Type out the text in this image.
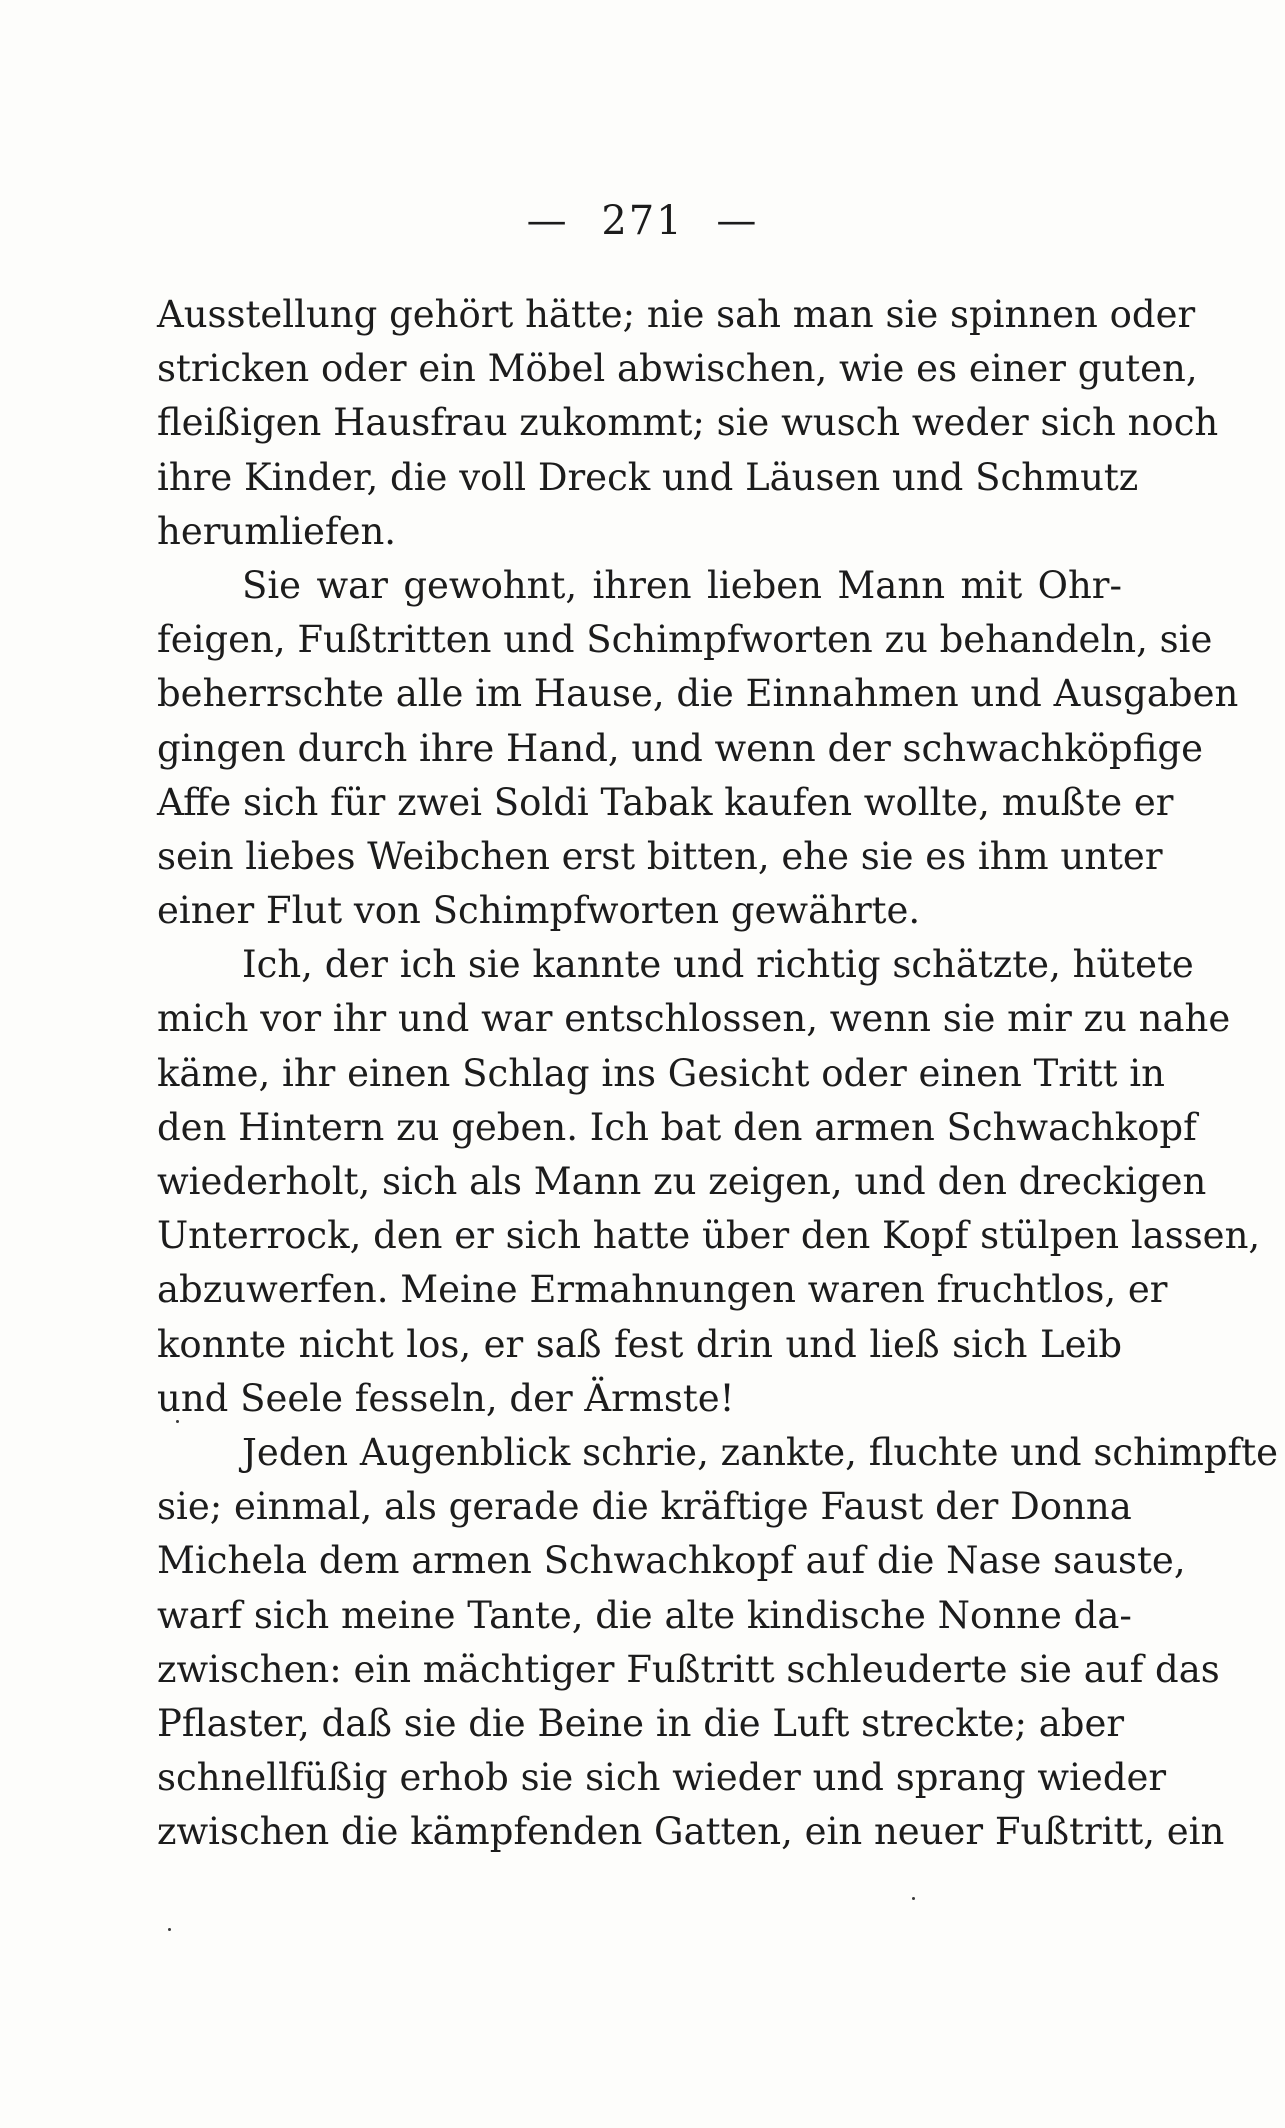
— 271 —
Ausstellung gehört hätte; nie sah man sie spinnen oder
stricken oder ein Möbel abwischen, wie es einer guten,
fleißigen Hausfrau zukommt; sie wusch weder sich noch
ihre Kinder, die voll Dreck und Läusen und Schmutz
herumliefen.
Sie war gewohnt, ihren lieben Mann mit Ohr-
feigen, Fußtritten und Schimpfworten zu behandeln, sie
beherrschte alle im Hause, die Einnahmen und Ausgaben
gingen durch ihre Hand, und wenn der schwachköpfige
Affe sich für zwei Soldi Tabak kaufen wollte, mußte er
sein liebes Weibchen erst bitten, ehe sie es ihm unter
einer Flut von Schimpfworten gewährte.
Ich, der ich sie kannte und richtig schätzte, hütete
mich vor ihr und war entschlossen, wenn sie mir zu nahe
käme, ihr einen Schlag ins Gesicht oder einen Tritt in
den Hintern zu geben. Ich bat den armen Schwachkopf
wiederholt, sich als Mann zu zeigen, und den dreckigen
Unterrock, den er sich hatte über den Kopf stülpen lassen,
abzuwerfen. Meine Ermahnungen waren fruchtlos, er
konnte nicht los, er saß fest drin und ließ sich Leib
und Seele fesseln, der Ärmste!
Jeden Augenblick schrie, zankte, fluchte und schimpfte
sie; einmal, als gerade die kräftige Faust der Donna
Michela dem armen Schwachkopf auf die Nase sauste,
warf sich meine Tante, die alte kindische Nonne da-
zwischen: ein mächtiger Fußtritt schleuderte sie auf das
Pflaster, daß sie die Beine in die Luft streckte; aber
schnellfüßig erhob sie sich wieder und sprang wieder
zwischen die kämpfenden Gatten, ein neuer Fußtritt, ein
